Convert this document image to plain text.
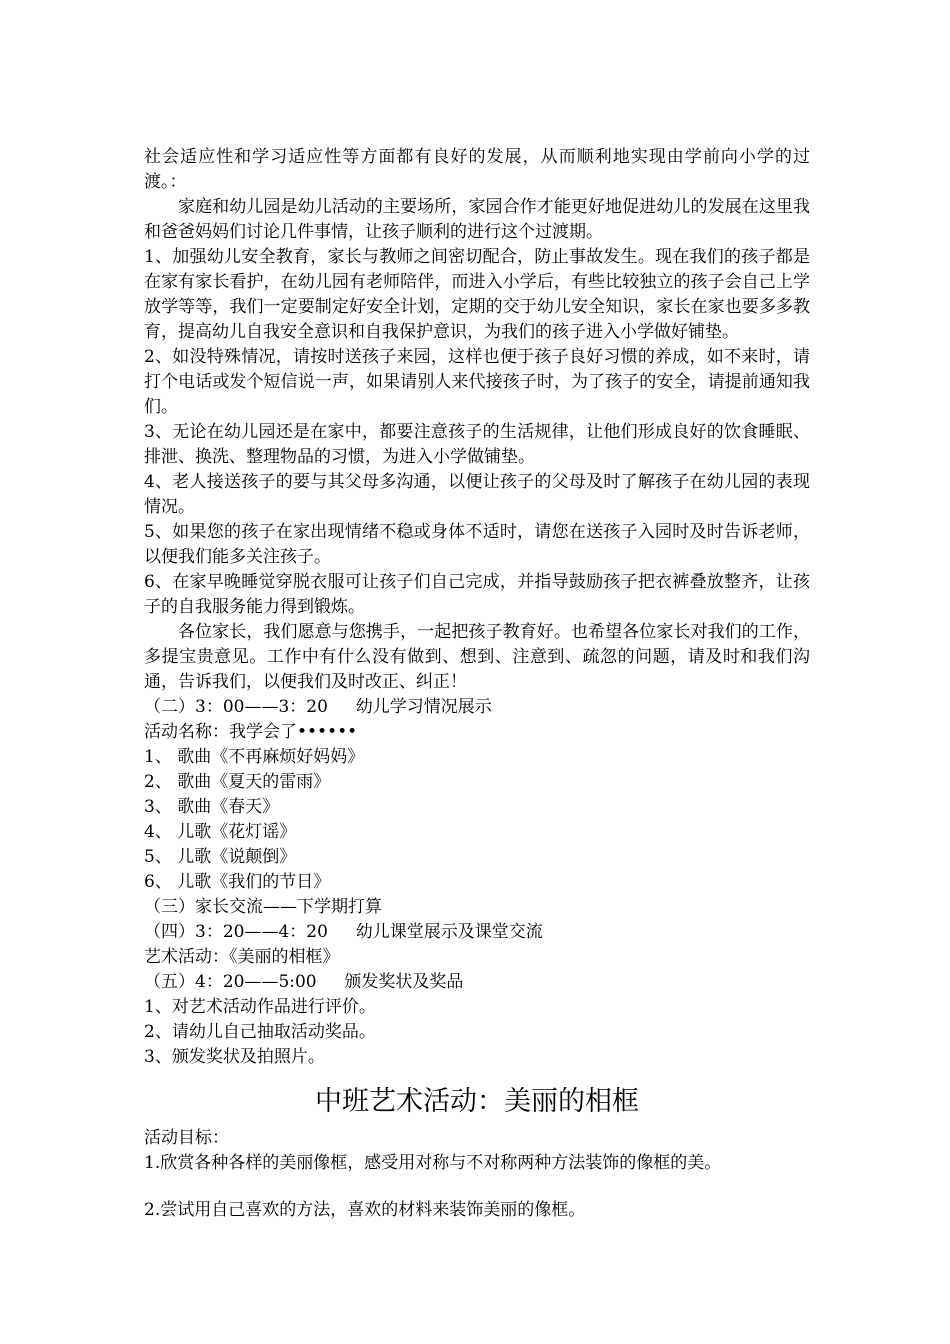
社会适应性和学习适应性等方面都有良好的发展，从而顺利地实现由学前向小学的过渡。：

家庭和幼儿园是幼儿活动的主要场所，家园合作才能更好地促进幼儿的发展在这里我和爸爸妈妈们讨论几件事情，让孩子顺利的进行这个过渡期。

1、加强幼儿安全教育，家长与教师之间密切配合，防止事故发生。现在我们的孩子都是在家有家长看护，在幼儿园有老师陪伴，而进入小学后，有些比较独立的孩子会自己上学放学等等，我们一定要制定好安全计划，定期的交于幼儿安全知识，家长在家也要多多教育，提高幼儿自我安全意识和自我保护意识，为我们的孩子进入小学做好铺垫。

2、如没特殊情况，请按时送孩子来园，这样也便于孩子良好习惯的养成，如不来时，请打个电话或发个短信说一声，如果请别人来代接孩子时，为了孩子的安全，请提前通知我们。

3、无论在幼儿园还是在家中，都要注意孩子的生活规律，让他们形成良好的饮食睡眠、排泄、换洗、整理物品的习惯，为进入小学做铺垫。

4、老人接送孩子的要与其父母多沟通，以便让孩子的父母及时了解孩子在幼儿园的表现情况。

5、如果您的孩子在家出现情绪不稳或身体不适时，请您在送孩子入园时及时告诉老师，以便我们能多关注孩子。

6、在家早晚睡觉穿脱衣服可让孩子们自己完成，并指导鼓励孩子把衣裤叠放整齐，让孩子的自我服务能力得到锻炼。

各位家长，我们愿意与您携手，一起把孩子教育好。也希望各位家长对我们的工作，多提宝贵意见。工作中有什么没有做到、想到、注意到、疏忽的问题，请及时和我们沟通，告诉我们，以便我们及时改正、纠正！

（二）3：00——3：20　  幼儿学习情况展示

活动名称：我学会了••••••

1、 歌曲《不再麻烦好妈妈》

2、 歌曲《夏天的雷雨》

3、 歌曲《春天》

4、 儿歌《花灯谣》

5、 儿歌《说颠倒》

6、 儿歌《我们的节日》

（三）家长交流——下学期打算

（四）3：20——4：20　  幼儿课堂展示及课堂交流

艺术活动：《美丽的相框》

（五）4：20——5:00　  颁发奖状及奖品

1、对艺术活动作品进行评价。

2、请幼儿自己抽取活动奖品。

3、颁发奖状及拍照片。

中班艺术活动：美丽的相框

活动目标：

1.欣赏各种各样的美丽像框，感受用对称与不对称两种方法装饰的像框的美。

2.尝试用自己喜欢的方法，喜欢的材料来装饰美丽的像框。
